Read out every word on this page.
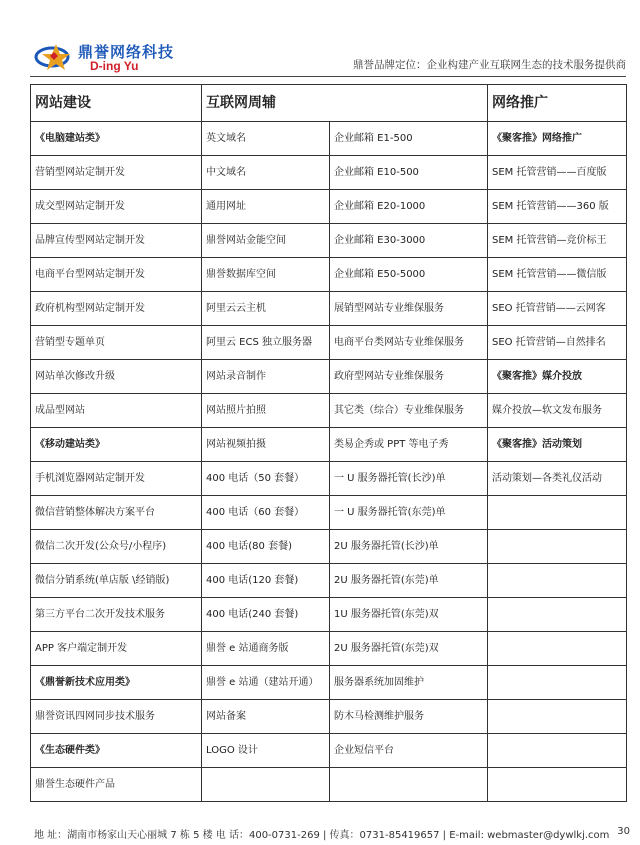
鼎誉网络科技
D-ing Yu	鼎誉品牌定位：企业构建产业互联网生态的技术服务提供商
网站建设	互联网周辅		网络推广
《电脑建站类》	英文域名	企业邮箱 E1-500	《聚客推》网络推广
营销型网站定制开发	中文域名	企业邮箱 E10-500	SEM 托管营销——百度版
成交型网站定制开发	通用网址	企业邮箱 E20-1000	SEM 托管营销——360 版
品牌宣传型网站定制开发	鼎誉网站金能空间	企业邮箱 E30-3000	SEM 托管营销—竞价标王
电商平台型网站定制开发	鼎誉数据库空间	企业邮箱 E50-5000	SEM 托管营销——微信版
政府机构型网站定制开发	阿里云云主机	展销型网站专业维保服务	SEO 托管营销——云网客
营销型专题单页	阿里云 ECS 独立服务器	电商平台类网站专业维保服务	SEO 托管营销—自然排名
网站单次修改升级	网站录音制作	政府型网站专业维保服务	《聚客推》媒介投放
成品型网站	网站照片拍照	其它类（综合）专业维保服务	媒介投放—软文发布服务
《移动建站类》	网站视频拍摄	类易企秀或 PPT 等电子秀	《聚客推》活动策划
手机浏览器网站定制开发	400 电话（50 套餐）	一 U 服务器托管(长沙)单	活动策划—各类礼仪活动
微信营销整体解决方案平台	400 电话（60 套餐）	一 U 服务器托管(东莞)单	
微信二次开发(公众号/小程序)	400 电话(80 套餐)	2U 服务器托管(长沙)单	
微信分销系统(单店版 \经销版)	400 电话(120 套餐)	2U 服务器托管(东莞)单	
第三方平台二次开发技术服务	400 电话(240 套餐)	1U 服务器托管(东莞)双	
APP 客户端定制开发	鼎誉 e 站通商务版	2U 服务器托管(东莞)双	
《鼎誉新技术应用类》	鼎誉 e 站通（建站开通）	服务器系统加固维护	
鼎誉资讯四网同步技术服务	网站备案	防木马检测维护服务	
《生态硬件类》	LOGO 设计	企业短信平台	
鼎誉生态硬件产品			
地 址：湖南市杨家山天心丽城 7 栋 5 楼 电 话：400-0731-269 | 传真：0731-85419657 | E-mail: webmaster@dywlkj.com 30
